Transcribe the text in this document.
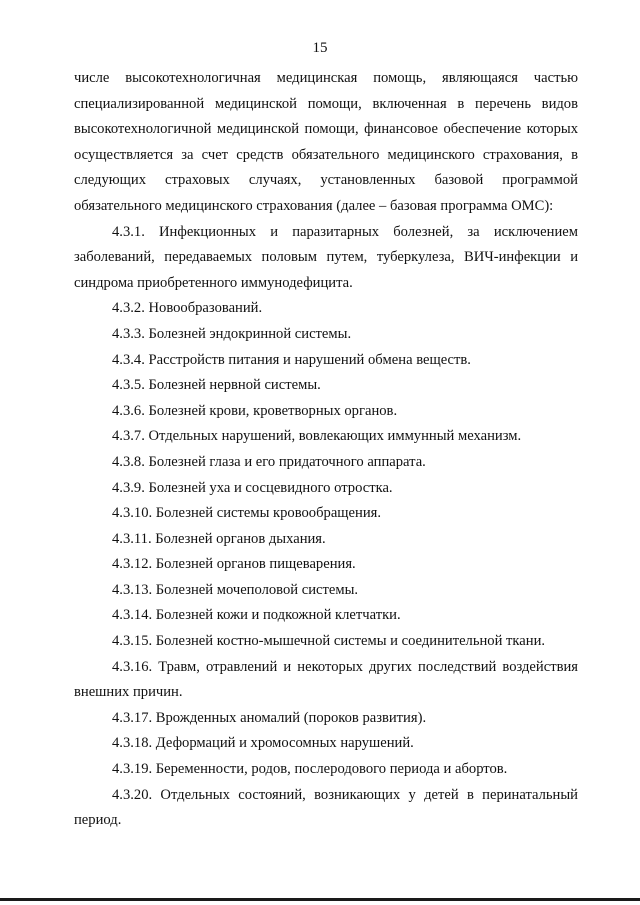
15

числе высокотехнологичная медицинская помощь, являющаяся частью специализированной медицинской помощи, включенная в перечень видов высокотехнологичной медицинской помощи, финансовое обеспечение которых осуществляется за счет средств обязательного медицинского страхования, в следующих страховых случаях, установленных базовой программой обязательного медицинского страхования (далее – базовая программа ОМС):

4.3.1. Инфекционных и паразитарных болезней, за исключением заболеваний, передаваемых половым путем, туберкулеза, ВИЧ-инфекции и синдрома приобретенного иммунодефицита.

4.3.2. Новообразований.

4.3.3. Болезней эндокринной системы.

4.3.4. Расстройств питания и нарушений обмена веществ.

4.3.5. Болезней нервной системы.

4.3.6. Болезней крови, кроветворных органов.

4.3.7. Отдельных нарушений, вовлекающих иммунный механизм.

4.3.8. Болезней глаза и его придаточного аппарата.

4.3.9. Болезней уха и сосцевидного отростка.

4.3.10. Болезней системы кровообращения.

4.3.11. Болезней органов дыхания.

4.3.12. Болезней органов пищеварения.

4.3.13. Болезней мочеполовой системы.

4.3.14. Болезней кожи и подкожной клетчатки.

4.3.15. Болезней костно-мышечной системы и соединительной ткани.

4.3.16. Травм, отравлений и некоторых других последствий воздействия внешних причин.

4.3.17. Врожденных аномалий (пороков развития).

4.3.18. Деформаций и хромосомных нарушений.

4.3.19. Беременности, родов, послеродового периода и абортов.

4.3.20. Отдельных состояний, возникающих у детей в перинатальный период.
